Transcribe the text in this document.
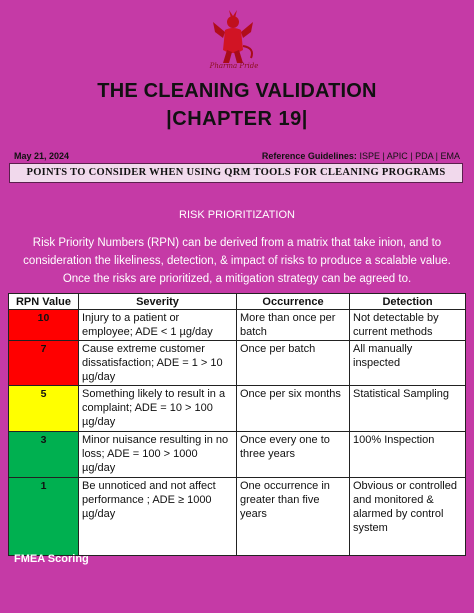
Pharma Pride
THE CLEANING VALIDATION
|CHAPTER 19|
May 21, 2024	Reference Guidelines: ISPE | APIC | PDA | EMA
POINTS TO CONSIDER WHEN USING QRM TOOLS FOR CLEANING PROGRAMS
RISK PRIORITIZATION
Risk Priority Numbers (RPN) can be derived from a matrix that take inion, and to consideration the likeliness, detection, & impact of risks to produce a scalable value. Once the risks are prioritized, a mitigation strategy can be agreed to.
RPN Value	Severity	Occurrence	Detection
10	Injury to a patient or employee; ADE < 1 µg/day	More than once per batch	Not detectable by current methods
7	Cause extreme customer dissatisfaction; ADE = 1 > 10 µg/day	Once per batch	All manually inspected
5	Something likely to result in a complaint; ADE = 10 > 100 µg/day	Once per six months	Statistical Sampling
3	Minor nuisance resulting in no loss; ADE = 100 > 1000 µg/day	Once every one to three years	100% Inspection
1	Be unnoticed and not affect performance ; ADE ≥ 1000 µg/day	One occurrence in greater than five years	Obvious or controlled and monitored & alarmed by control system
FMEA Scoring
